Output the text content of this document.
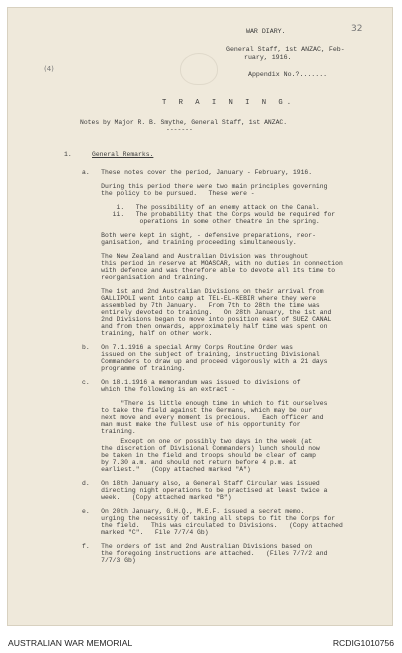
32
(4)
WAR DIARY.
General Staff, 1st ANZAC, Feb-
ruary, 1916.
Appendix No.?.......
T R A I N I N G.
Notes by Major R. B. Smythe, General Staff, 1st ANZAC.
-------
1.	General Remarks.
a.   These notes cover the period, January - February, 1916.
During this period there were two main principles governing
the policy to be pursued.   These were -
i.   The possibility of an enemy attack on the Canal.
ii.   The probability that the Corps would be required for
operations in some other theatre in the spring.
Both were kept in sight, - defensive preparations, reor-
ganisation, and training proceeding simultaneously.
The New Zealand and Australian Division was throughout
this period in reserve at MOASCAR, with no duties in connection
with defence and was therefore able to devote all its time to
reorganisation and training.
The 1st and 2nd Australian Divisions on their arrival from
GALLIPOLI went into camp at TEL-EL-KEBIR where they were
assembled by 7th January.   From 7th to 28th the time was
entirely devoted to training.   On 28th January, the 1st and
2nd Divisions began to move into position east of SUEZ CANAL
and from then onwards, approximately half time was spent on
training, half on other work.
b.   On 7.1.1916 a special Army Corps Routine Order was
issued on the subject of training, instructing Divisional
Commanders to draw up and proceed vigorously with a 21 days
programme of training.
c.   On 18.1.1916 a memorandum was issued to divisions of
which the following is an extract -
"There is little enough time in which to fit ourselves
to take the field against the Germans, which may be our
next move and every moment is precious.   Each officer and
man must make the fullest use of his opportunity for
training.
Except on one or possibly two days in the week (at
the discretion of Divisional Commanders) lunch should now
be taken in the field and troops should be clear of camp
by 7.30 a.m. and should not return before 4 p.m. at
earliest."   (Copy attached marked "A")
d.   On 18th January also, a General Staff Circular was issued
directing night operations to be practised at least twice a
week.   (Copy attached marked "B")
e.   On 20th January, G.H.Q., M.E.F. issued a secret memo.
urging the necessity of taking all steps to fit the Corps for
the field.   This was circulated to Divisions.   (Copy attached
marked "C".   File 7/7/4 Gb)
f.   The orders of 1st and 2nd Australian Divisions based on
the foregoing instructions are attached.   (Files 7/7/2 and
7/7/3 Gb)
AUSTRALIAN WAR MEMORIAL	RCDIG1010756
